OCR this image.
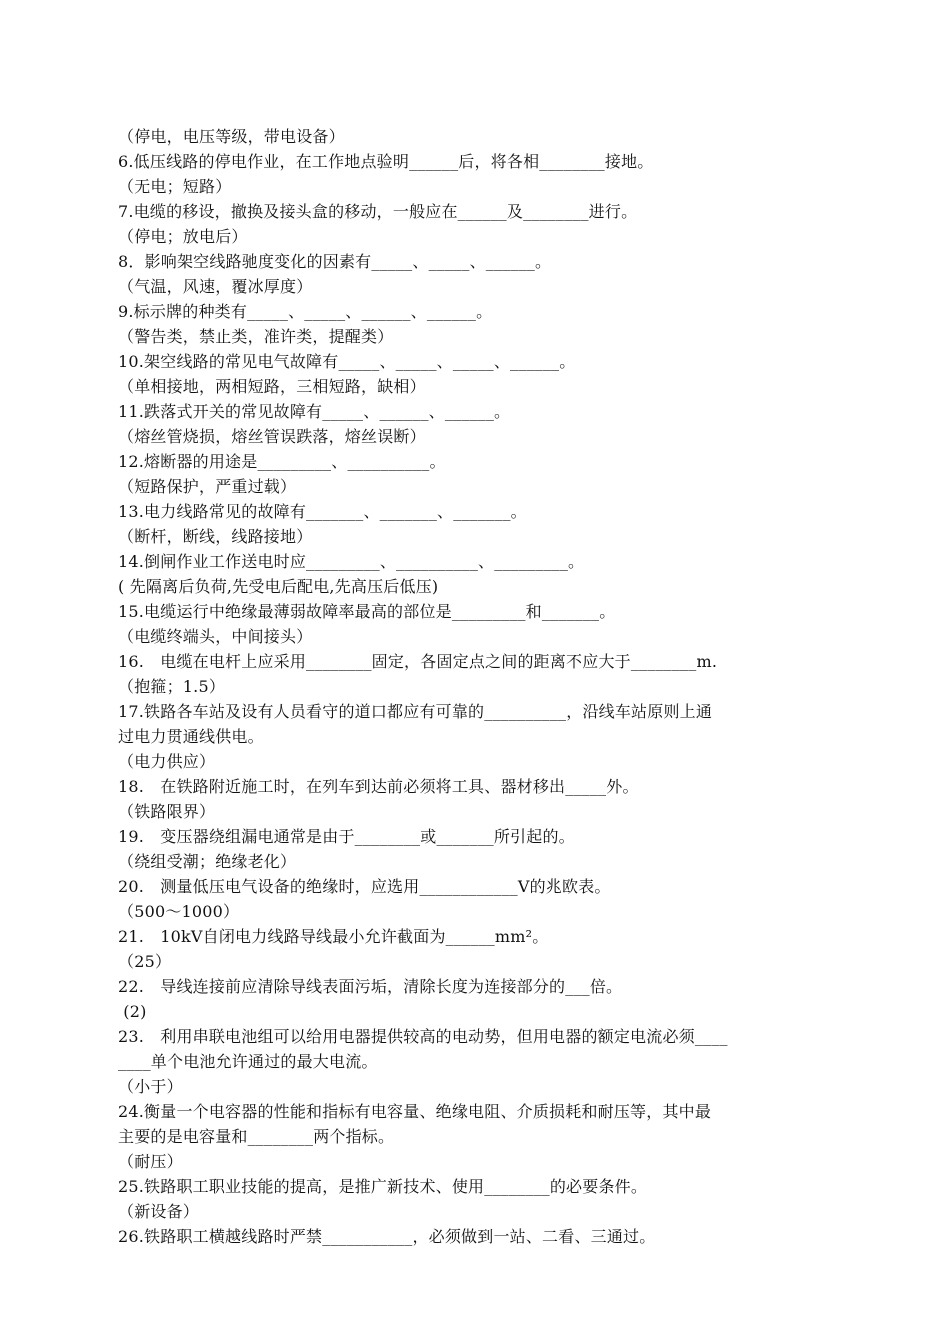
（停电，电压等级，带电设备）
6.低压线路的停电作业，在工作地点验明______后，将各相________接地。
（无电；短路）
7.电缆的移设，撤换及接头盒的移动，一般应在______及________进行。
（停电；放电后）
8．影响架空线路驰度变化的因素有_____、_____、______。
（气温，风速，覆冰厚度）
9.标示牌的种类有_____、_____、______、______。
（警告类，禁止类，准许类，提醒类）
10.架空线路的常见电气故障有_____、_____、_____、______。
（单相接地，两相短路，三相短路，缺相）
11.跌落式开关的常见故障有_____、______、______。
（熔丝管烧损，熔丝管误跌落，熔丝误断）
12.熔断器的用途是_________、__________。
（短路保护，严重过载）
13.电力线路常见的故障有_______、_______、_______。
（断杆，断线，线路接地）
14.倒闸作业工作送电时应_________、__________、_________。
( 先隔离后负荷,先受电后配电,先高压后低压)
15.电缆运行中绝缘最薄弱故障率最高的部位是_________和_______。
（电缆终端头，中间接头）
16.　电缆在电杆上应采用________固定，各固定点之间的距离不应大于________m.
（抱箍；1.5）
17.铁路各车站及设有人员看守的道口都应有可靠的__________，沿线车站原则上通
过电力贯通线供电。
（电力供应）
18.　在铁路附近施工时，在列车到达前必须将工具、器材移出_____外。
（铁路限界）
19.　变压器绕组漏电通常是由于________或_______所引起的。
（绕组受潮；绝缘老化）
20.　测量低压电气设备的绝缘时，应选用____________V的兆欧表。
（500～1000）
21.　10kV自闭电力线路导线最小允许截面为______mm²。
（25）
22.　导线连接前应清除导线表面污垢，清除长度为连接部分的___倍。
(2)
23.　利用串联电池组可以给用电器提供较高的电动势，但用电器的额定电流必须____
____单个电池允许通过的最大电流。
（小于）
24.衡量一个电容器的性能和指标有电容量、绝缘电阻、介质损耗和耐压等，其中最
主要的是电容量和________两个指标。
（耐压）
25.铁路职工职业技能的提高，是推广新技术、使用________的必要条件。
（新设备）
26.铁路职工横越线路时严禁___________，必须做到一站、二看、三通过。
